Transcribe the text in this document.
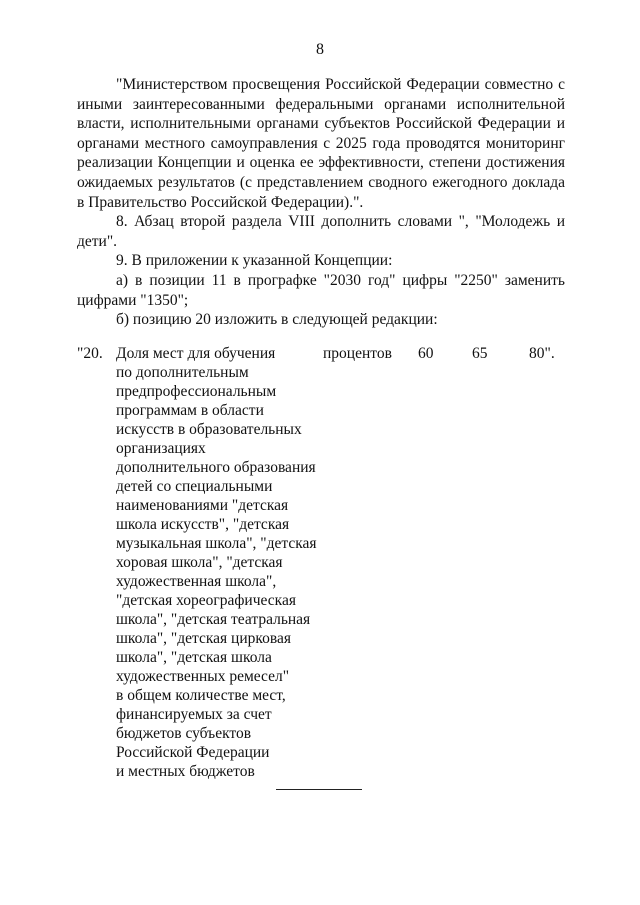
8

"Министерством просвещения Российской Федерации совместно с иными заинтересованными федеральными органами исполнительной власти, исполнительными органами субъектов Российской Федерации и органами местного самоуправления с 2025 года проводятся мониторинг реализации Концепции и оценка ее эффективности, степени достижения ожидаемых результатов (с представлением сводного ежегодного доклада в Правительство Российской Федерации).".

8. Абзац второй раздела VIII дополнить словами ", "Молодежь и дети".

9. В приложении к указанной Концепции:

а) в позиции 11 в прографке "2030 год" цифры "2250" заменить цифрами "1350";

б) позицию 20 изложить в следующей редакции:

"20. Доля мест для обучения
по дополнительным
предпрофессиональным
программам в области
искусств в образовательных
организациях
дополнительного образования
детей со специальными
наименованиями "детская
школа искусств", "детская
музыкальная школа", "детская
хоровая школа", "детская
художественная школа",
"детская хореографическая
школа", "детская театральная
школа", "детская цирковая
школа", "детская школа
художественных ремесел"
в общем количестве мест,
финансируемых за счет
бюджетов субъектов
Российской Федерации
и местных бюджетов
процентов 60 65	80".
